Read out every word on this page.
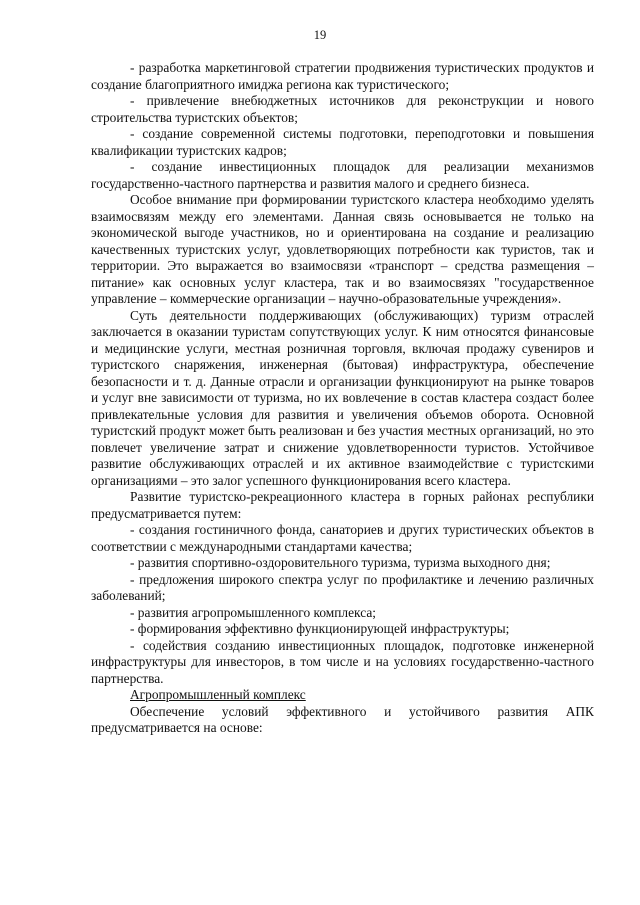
19

- разработка маркетинговой стратегии продвижения туристических продуктов и создание благоприятного имиджа региона как туристического;

- привлечение внебюджетных источников для реконструкции и нового строительства туристских объектов;

- создание современной системы подготовки, переподготовки и повышения квалификации туристских кадров;

- создание инвестиционных площадок для реализации механизмов государственно-частного партнерства и развития малого и среднего бизнеса.

Особое внимание при формировании туристского кластера необходимо уделять взаимосвязям между его элементами. Данная связь основывается не только на экономической выгоде участников, но и ориентирована на создание и реализацию качественных туристских услуг, удовлетворяющих потребности как туристов, так и территории. Это выражается во взаимосвязи «транспорт – средства размещения – питание» как основных услуг кластера, так и во взаимосвязях "государственное управление – коммерческие организации – научно-образовательные учреждения».

Суть деятельности поддерживающих (обслуживающих) туризм отраслей заключается в оказании туристам сопутствующих услуг. К ним относятся финансовые и медицинские услуги, местная розничная торговля, включая продажу сувениров и туристского снаряжения, инженерная (бытовая) инфраструктура, обеспечение безопасности и т. д. Данные отрасли и организации функционируют на рынке товаров и услуг вне зависимости от туризма, но их вовлечение в состав кластера создаст более привлекательные условия для развития и увеличения объемов оборота. Основной туристский продукт может быть реализован и без участия местных организаций, но это повлечет увеличение затрат и снижение удовлетворенности туристов. Устойчивое развитие обслуживающих отраслей и их активное взаимодействие с туристскими организациями – это залог успешного функционирования всего кластера.

Развитие туристско-рекреационного кластера в горных районах республики предусматривается путем:

- создания гостиничного фонда, санаториев и других туристических объектов в соответствии с международными стандартами качества;

- развития спортивно-оздоровительного туризма, туризма выходного дня;

- предложения широкого спектра услуг по профилактике и лечению различных заболеваний;

- развития агропромышленного комплекса;

- формирования эффективно функционирующей инфраструктуры;

- содействия созданию инвестиционных площадок, подготовке инженерной инфраструктуры для инвесторов, в том числе и на условиях государственно-частного партнерства.

Агропромышленный комплекс

Обеспечение условий эффективного и устойчивого развития АПК предусматривается на основе:
